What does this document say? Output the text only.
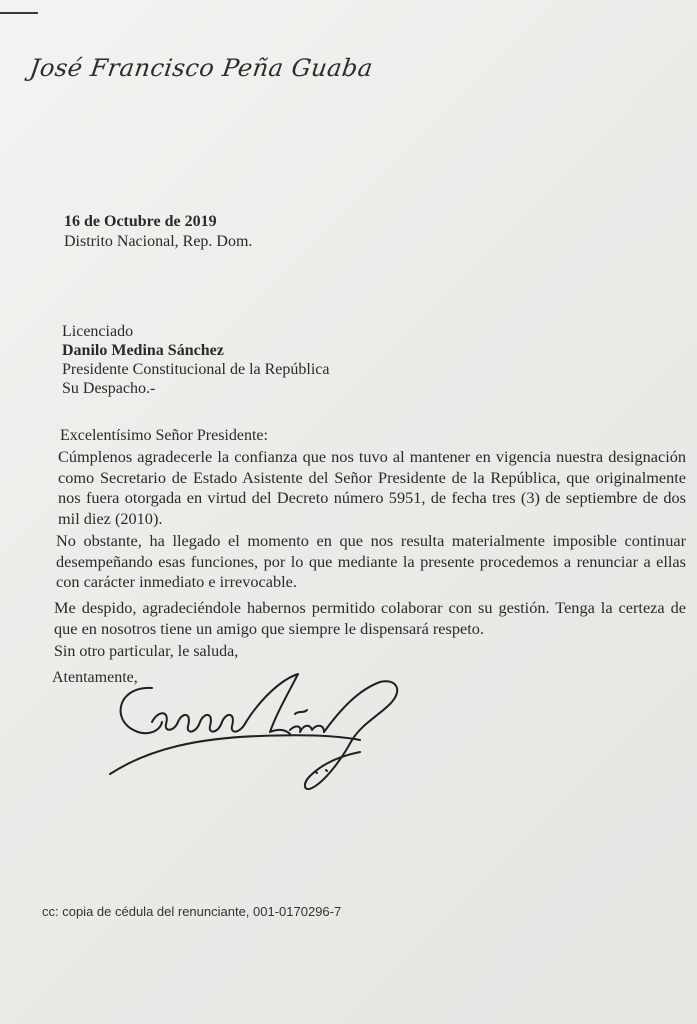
José Francisco Peña Guaba
16 de Octubre de 2019
Distrito Nacional, Rep. Dom.
Licenciado
Danilo Medina Sánchez
Presidente Constitucional de la República
Su Despacho.-
Excelentísimo Señor Presidente:
Cúmplenos agradecerle la confianza que nos tuvo al mantener en vigencia nuestra designación como Secretario de Estado Asistente del Señor Presidente de la República, que originalmente nos fuera otorgada en virtud del Decreto número 5951, de fecha tres (3) de septiembre de dos mil diez (2010).
No obstante, ha llegado el momento en que nos resulta materialmente imposible continuar desempeñando esas funciones, por lo que mediante la presente procedemos a renunciar a ellas con carácter inmediato e irrevocable.
Me despido, agradeciéndole habernos permitido colaborar con su gestión. Tenga la certeza de que en nosotros tiene un amigo que siempre le dispensará respeto.
Sin otro particular, le saluda,
Atentamente,
cc: copia de cédula del renunciante, 001-0170296-7
